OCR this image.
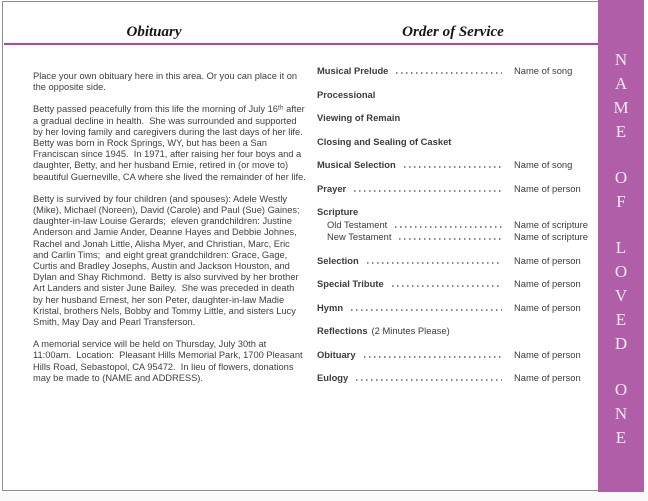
Obituary	Order of Service

Place your own obituary here in this area. Or you can place it on the opposite side.

Betty passed peacefully from this life the morning of July 16ᵗʰ after a gradual decline in health.  She was surrounded and supported by her loving family and caregivers during the last days of her life.  Betty was born in Rock Springs, WY, but has been a San Franciscan since 1945.  In 1971, after raising her four boys and a daughter, Betty, and her husband Ernie, retired in (or move to) beautiful Guerneville, CA where she lived the remainder of her life.

Betty is survived by four children (and spouses): Adele Westly (Mike), Michael (Noreen), David (Carole) and Paul (Sue) Gaines;  daughter-in-law Louise Gerards;  eleven grandchildren: Justine Anderson and Jamie Ander, Deanne Hayes and Debbie Johnes, Rachel and Jonah Little, Alisha Myer, and Christian, Marc, Eric and Carlin Tims;  and eight great grandchildren: Grace, Gage, Curtis and Bradley Josephs, Austin and Jackson Houston, and Dylan and Shay Richmond.  Betty is also survived by her brother Art Landers and sister June Bailey.  She was preceded in death by her husband Ernest, her son Peter, daughter-in-law Madie Kristal, brothers Nels, Bobby and Tommy Little, and sisters Lucy Smith, May Day and Pearl Transferson.

A memorial service will be held on Thursday, July 30th at 11:00am.  Location:  Pleasant Hills Memorial Park, 1700 Pleasant Hills Road, Sebastopol, CA 95472.  In lieu of flowers, donations may be made to (NAME and ADDRESS).

Musical Prelude	Name of song
Processional
Viewing of Remain
Closing and Sealing of Casket
Musical Selection	Name of song
Prayer	Name of person
Scripture
Old Testament	Name of scripture
New Testament	Name of scripture
Selection	Name of person
Special Tribute	Name of person
Hymn	Name of person
Reflections (2 Minutes Please)
Obituary	Name of person
Eulogy	Name of person
N
A
M
E
O
F
L
O
V
E
D
O
N
E
